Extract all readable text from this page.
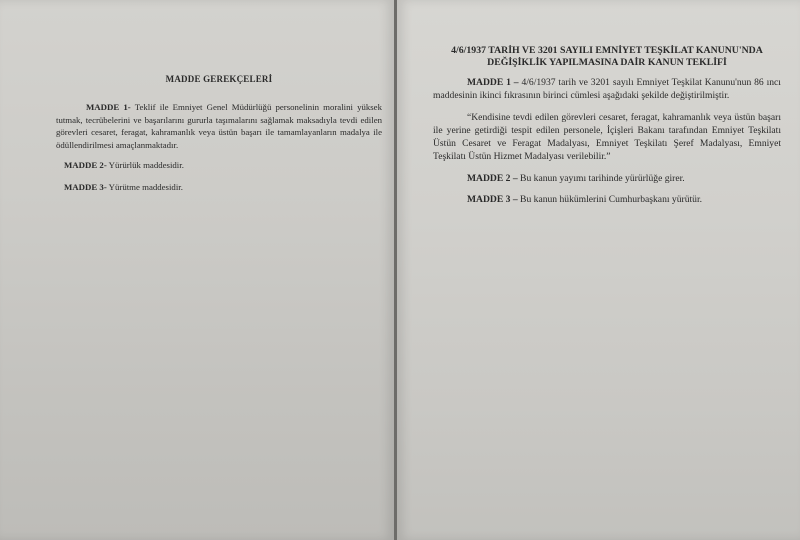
MADDE GEREKÇELERİ

MADDE 1- Teklif ile Emniyet Genel Müdürlüğü personelinin moralini yüksek tutmak, tecrübelerini ve başarılarını gururla taşımalarını sağlamak maksadıyla tevdi edilen görevleri cesaret, feragat, kahramanlık veya üstün başarı ile tamamlayanların madalya ile ödüllendirilmesi amaçlanmaktadır.

MADDE 2- Yürürlük maddesidir.
MADDE 3- Yürütme maddesidir.
4/6/1937 TARİH VE 3201 SAYILI EMNİYET TEŞKİLAT KANUNU'NDA
DEĞİŞİKLİK YAPILMASINA DAİR KANUN TEKLİFİ

MADDE 1 – 4/6/1937 tarih ve 3201 sayılı Emniyet Teşkilat Kanunu'nun 86 ıncı maddesinin ikinci fıkrasının birinci cümlesi aşağıdaki şekilde değiştirilmiştir.

“Kendisine tevdi edilen görevleri cesaret, feragat, kahramanlık veya üstün başarı ile yerine getirdiği tespit edilen personele, İçişleri Bakanı tarafından Emniyet Teşkilatı Üstün Cesaret ve Feragat Madalyası, Emniyet Teşkilatı Şeref Madalyası, Emniyet Teşkilatı Üstün Hizmet Madalyası verilebilir.”

MADDE 2 – Bu kanun yayımı tarihinde yürürlüğe girer.
MADDE 3 – Bu kanun hükümlerini Cumhurbaşkanı yürütür.
